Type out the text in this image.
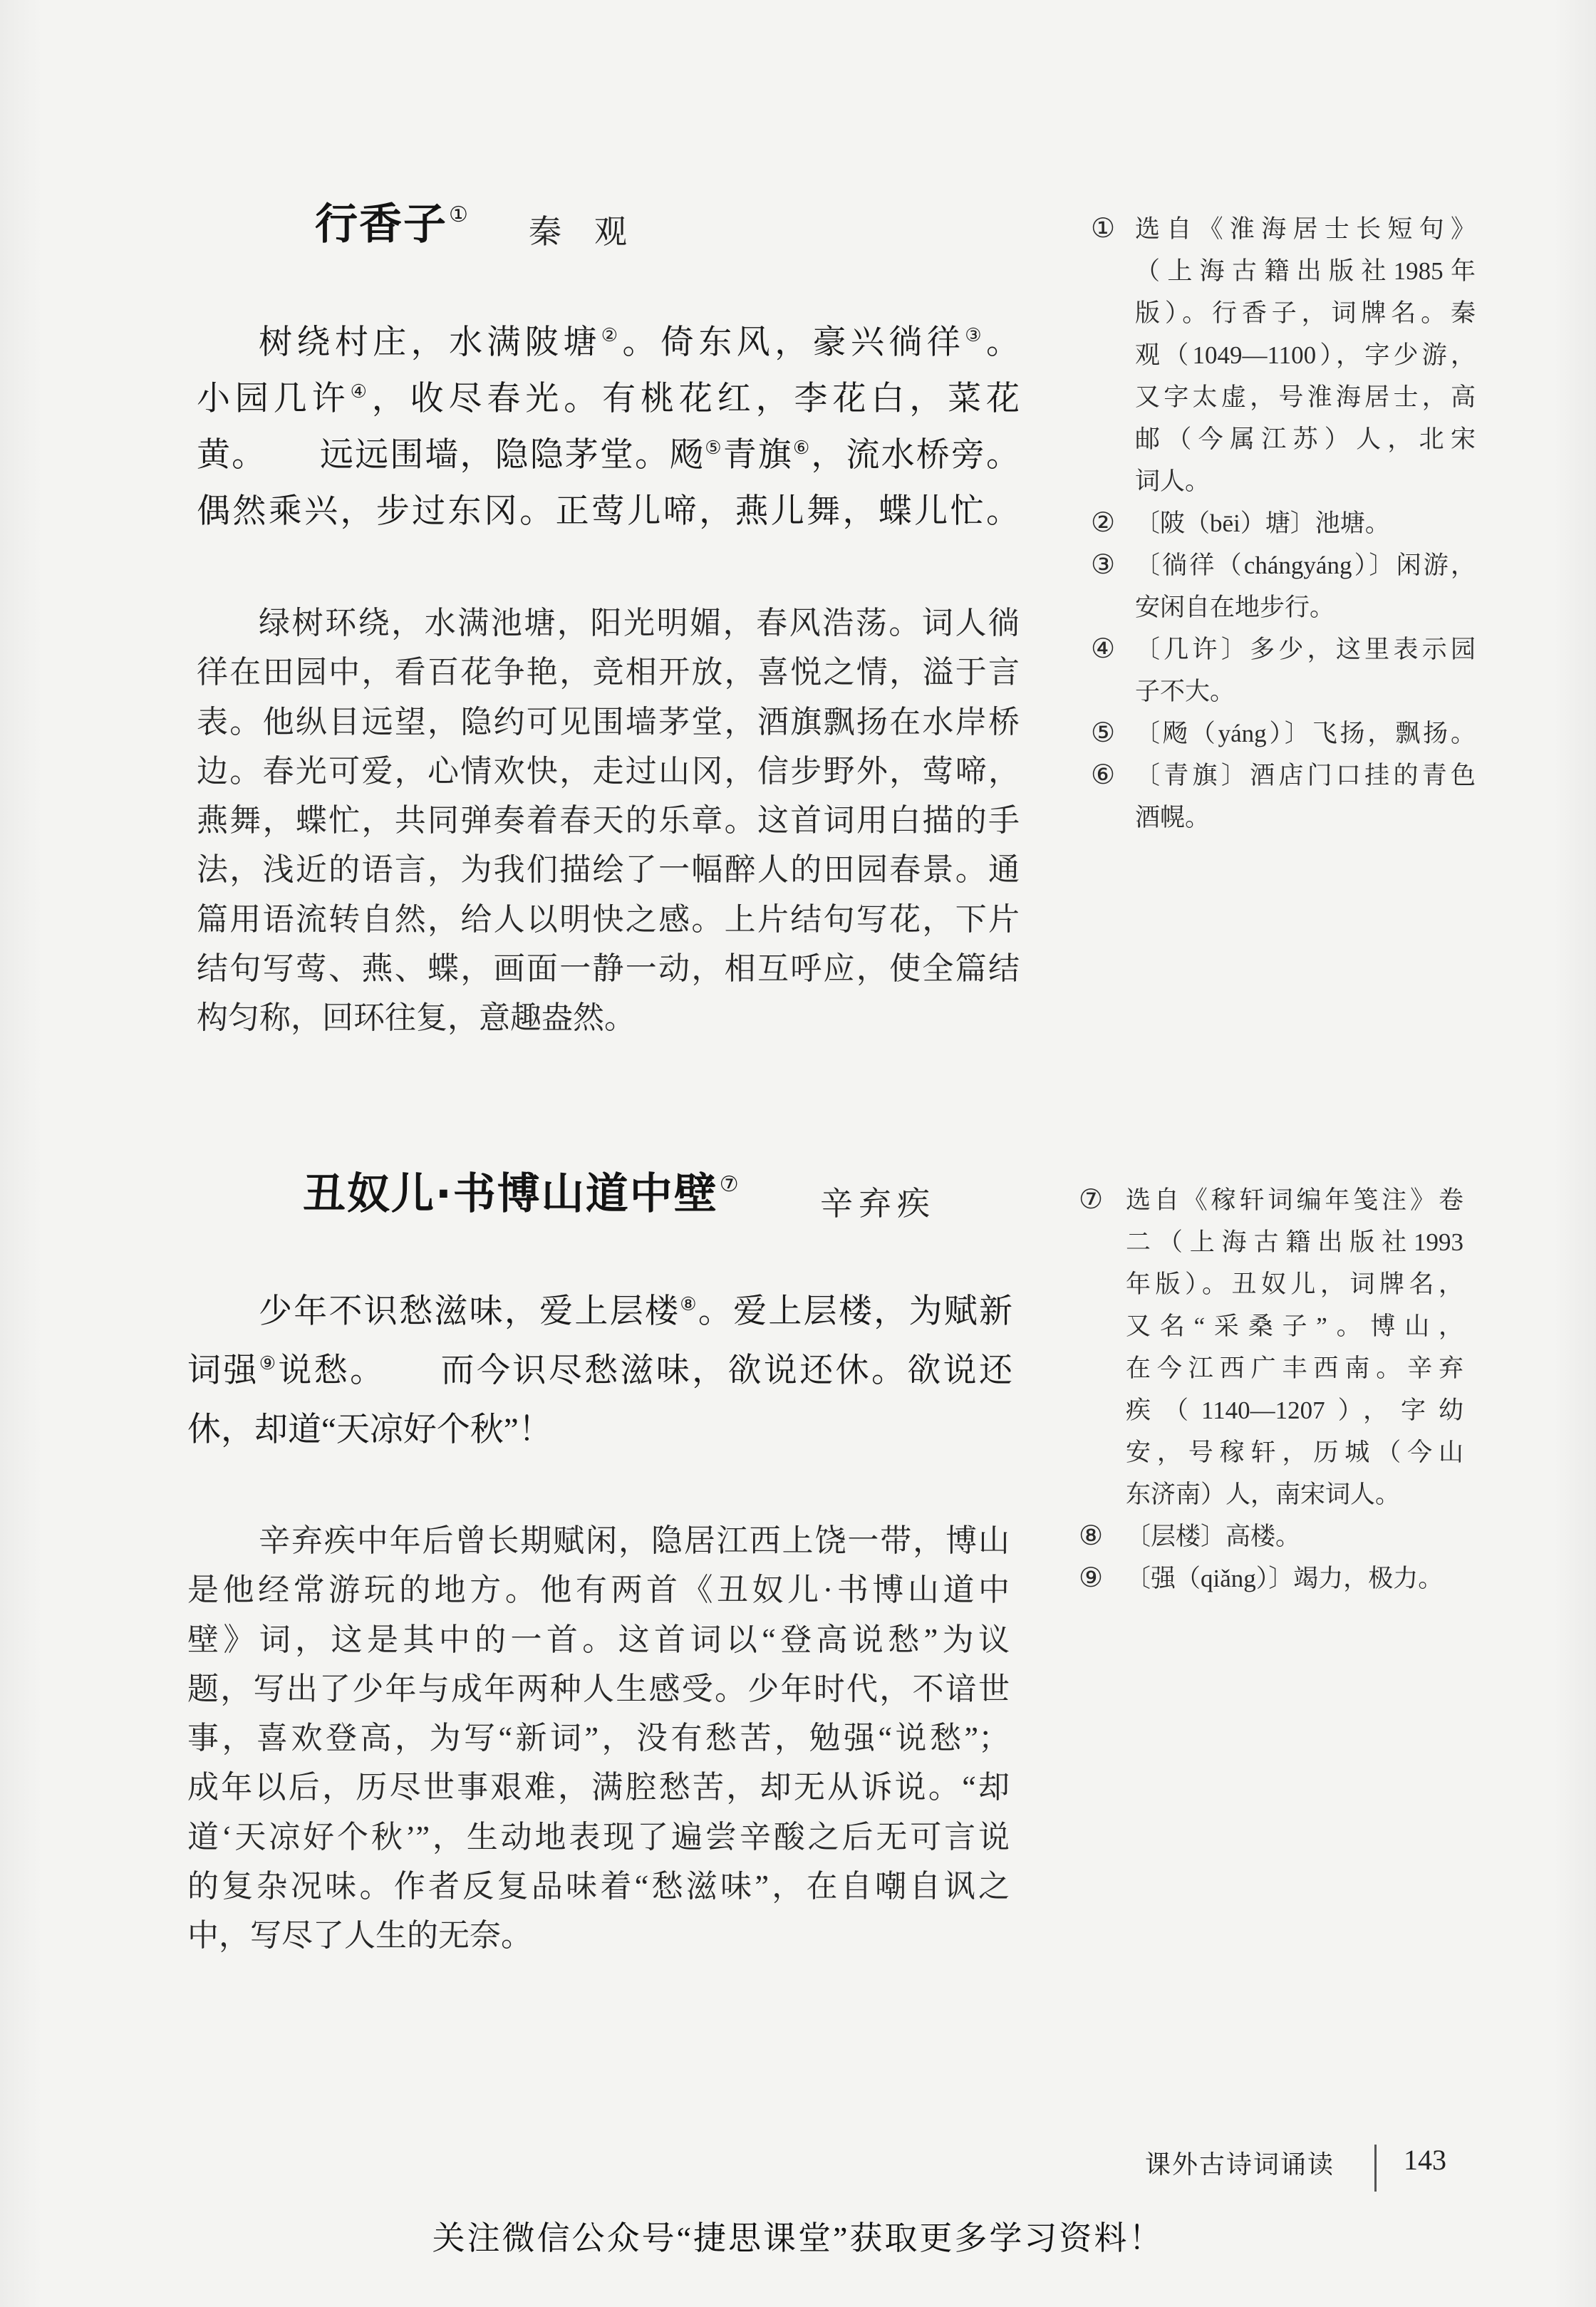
行香子① 秦　观
树绕村庄，水满陂塘②。倚东风，豪兴徜徉③。
小园几许④，收尽春光。有桃花红，李花白，菜花
黄。　　远远围墙，隐隐茅堂。飏⑤青旗⑥，流水桥旁。
偶然乘兴，步过东冈。正莺儿啼，燕儿舞，蝶儿忙。
绿树环绕，水满池塘，阳光明媚，春风浩荡。词人徜
徉在田园中，看百花争艳，竞相开放，喜悦之情，溢于言
表。他纵目远望，隐约可见围墙茅堂，酒旗飘扬在水岸桥
边。春光可爱，心情欢快，走过山冈，信步野外，莺啼，
燕舞，蝶忙，共同弹奏着春天的乐章。这首词用白描的手
法，浅近的语言，为我们描绘了一幅醉人的田园春景。通
篇用语流转自然，给人以明快之感。上片结句写花，下片
结句写莺、燕、蝶，画面一静一动，相互呼应，使全篇结
构匀称，回环往复，意趣盎然。
① 选自《淮海居士长短句》
（上海古籍出版社1985年
版）。行香子，词牌名。秦
观（1049—1100），字少游，
又字太虚，号淮海居士，高
邮（今属江苏）人，北宋
词人。
② 〔陂（bēi）塘〕池塘。
③ 〔徜徉（chángyáng）〕闲游，
安闲自在地步行。
④ 〔几许〕多少，这里表示园
子不大。
⑤ 〔飏（yáng）〕飞扬，飘扬。
⑥ 〔青旗〕酒店门口挂的青色
酒幌。
丑奴儿·书博山道中壁⑦
辛弃疾
少年不识愁滋味，爱上层楼⑧。爱上层楼，为赋新
词强⑨说愁。　　而今识尽愁滋味，欲说还休。欲说还
休，却道“天凉好个秋”！
辛弃疾中年后曾长期赋闲，隐居江西上饶一带，博山
是他经常游玩的地方。他有两首《丑奴儿·书博山道中
壁》词，这是其中的一首。这首词以“登高说愁”为议
题，写出了少年与成年两种人生感受。少年时代，不谙世
事，喜欢登高，为写“新词”，没有愁苦，勉强“说愁”；
成年以后，历尽世事艰难，满腔愁苦，却无从诉说。“却
道‘天凉好个秋’”，生动地表现了遍尝辛酸之后无可言说
的复杂况味。作者反复品味着“愁滋味”，在自嘲自讽之
中，写尽了人生的无奈。
⑦ 选自《稼轩词编年笺注》卷
二（上海古籍出版社1993
年版）。丑奴儿，词牌名，
又名“采桑子”。博山，
在今江西广丰西南。辛弃
疾（1140—1207），字幼
安，号稼轩，历城（今山
东济南）人，南宋词人。
⑧ 〔层楼〕高楼。
⑨ 〔强（qiǎng）〕竭力，极力。
课外古诗词诵读 143
关注微信公众号“捷思课堂”获取更多学习资料！
